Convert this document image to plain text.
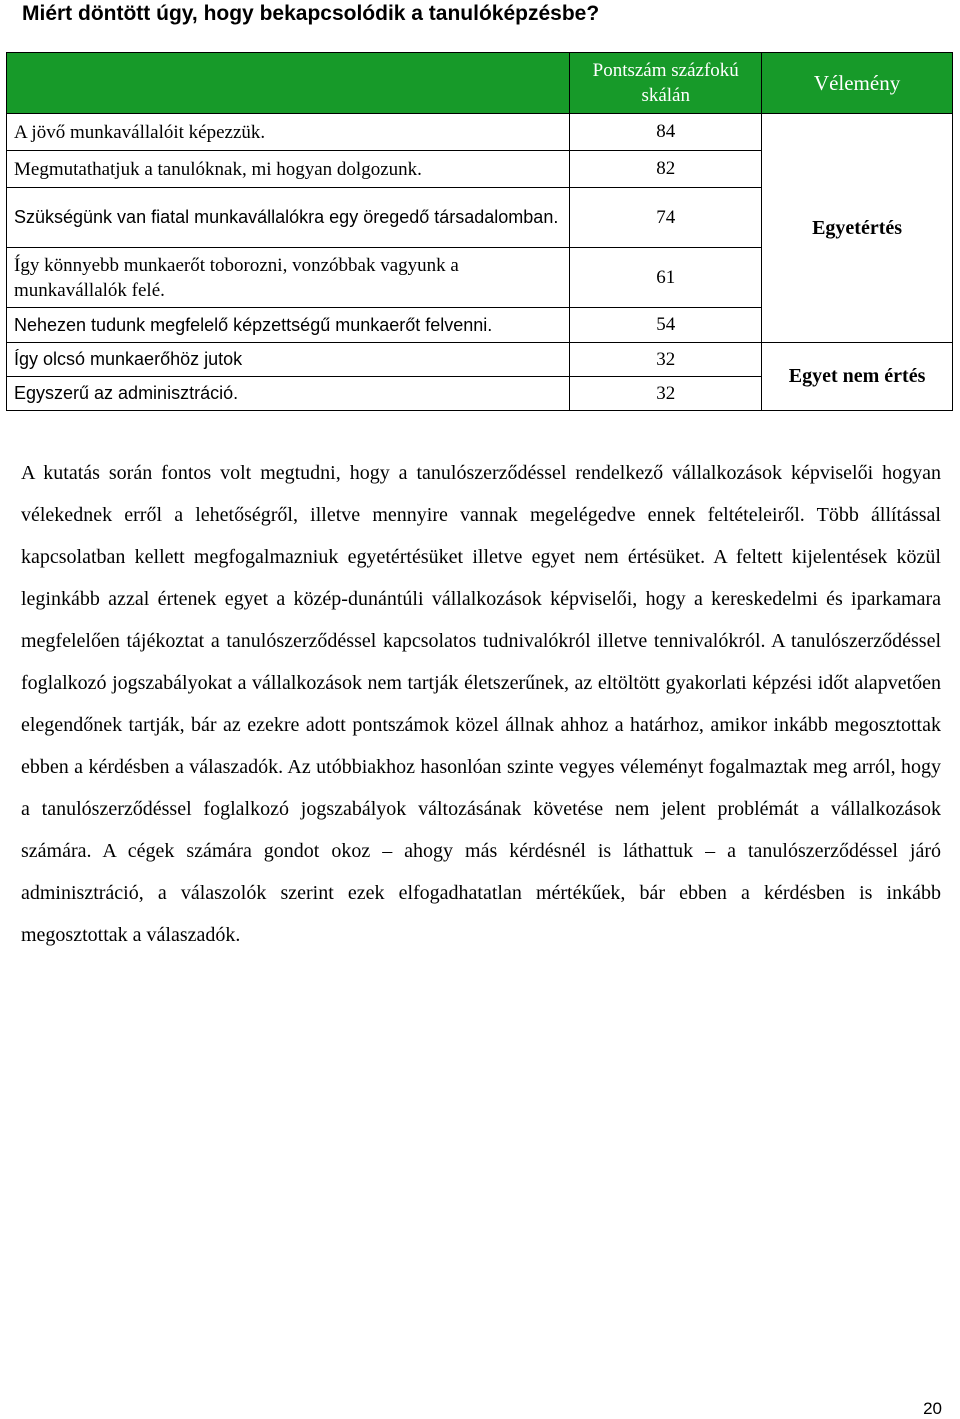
Miért döntött úgy, hogy bekapcsolódik a tanulóképzésbe?
	Pontszám százfokú skálán	Vélemény
A jövő munkavállalóit képezzük.	84	Egyetértés
Megmutathatjuk a tanulóknak, mi hogyan dolgozunk.	82	
Szükségünk van fiatal munkavállalókra egy öregedő társadalomban.	74	
Így könnyebb munkaerőt toborozni, vonzóbbak vagyunk a munkavállalók felé.	61	
Nehezen tudunk megfelelő képzettségű munkaerőt felvenni.	54	
Így olcsó munkaerőhöz jutok	32	Egyet nem értés
Egyszerű az adminisztráció.	32	

A kutatás során fontos volt megtudni, hogy a tanulószerződéssel rendelkező vállalkozások képviselői hogyan vélekednek erről a lehetőségről, illetve mennyire vannak megelégedve ennek feltételeiről. Több állítással kapcsolatban kellett megfogalmazniuk egyetértésüket illetve egyet nem értésüket. A feltett kijelentések közül leginkább azzal értenek egyet a közép-dunántúli vállalkozások képviselői, hogy a kereskedelmi és iparkamara megfelelően tájékoztat a tanulószerződéssel kapcsolatos tudnivalókról illetve tennivalókról. A tanulószerződéssel foglalkozó jogszabályokat a vállalkozások nem tartják életszerűnek, az eltöltött gyakorlati képzési időt alapvetően elegendőnek tartják, bár az ezekre adott pontszámok közel állnak ahhoz a határhoz, amikor inkább megosztottak ebben a kérdésben a válaszadók. Az utóbbiakhoz hasonlóan szinte vegyes véleményt fogalmaztak meg arról, hogy a tanulószerződéssel foglalkozó jogszabályok változásának követése nem jelent problémát a vállalkozások számára. A cégek számára gondot okoz – ahogy más kérdésnél is láthattuk – a tanulószerződéssel járó adminisztráció, a válaszolók szerint ezek elfogadhatatlan mértékűek, bár ebben a kérdésben is inkább megosztottak a válaszadók.

20
